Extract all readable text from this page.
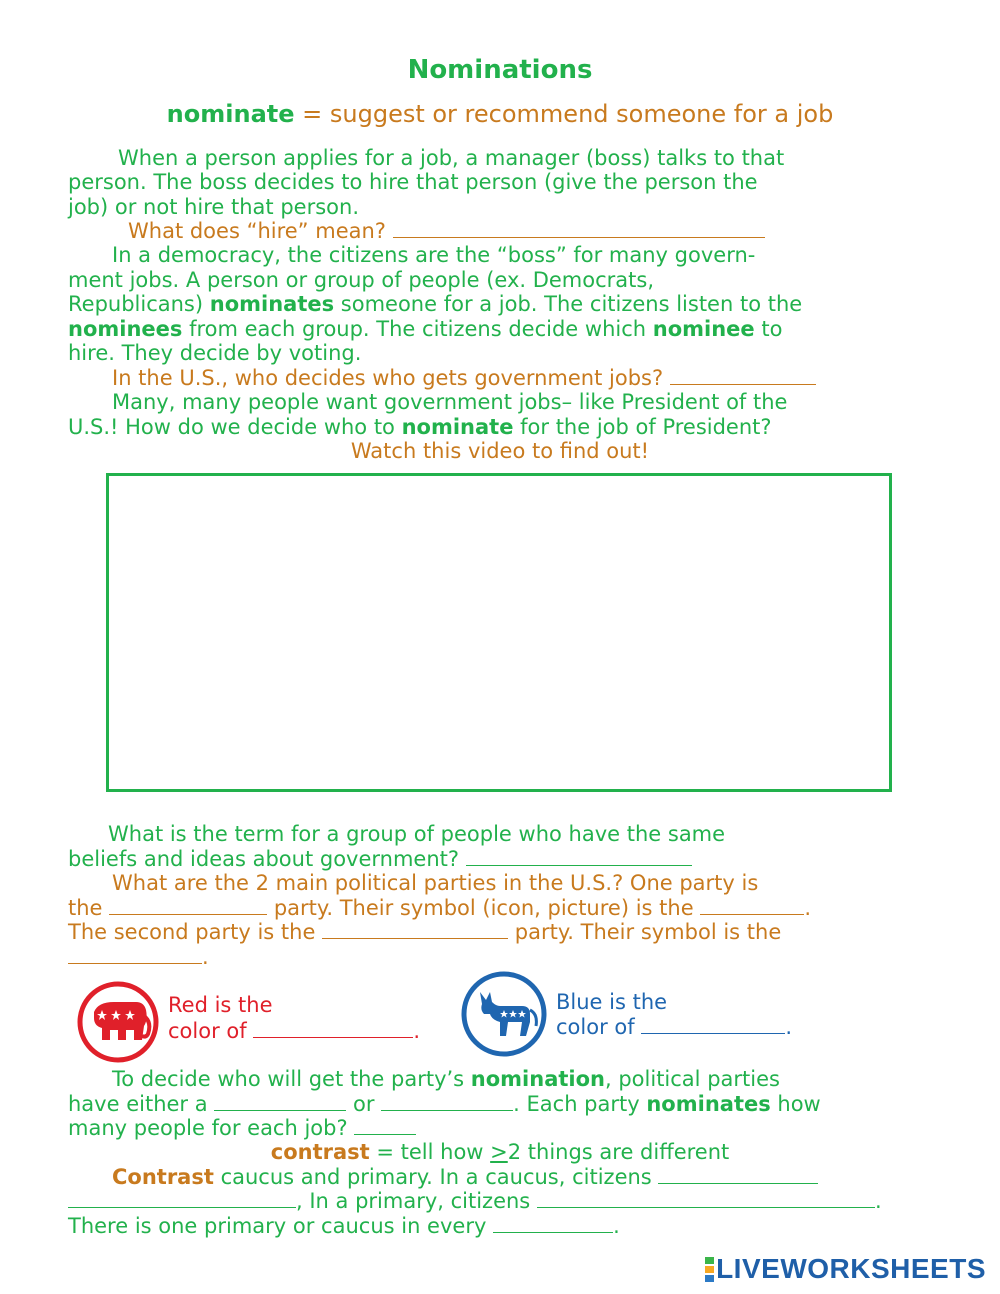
Nominations
nominate = suggest or recommend someone for a job
When a person applies for a job, a manager (boss) talks to that
person. The boss decides to hire that person (give the person the
job) or not hire that person.
What does “hire” mean?
In a democracy, the citizens are the “boss” for many govern-
ment jobs. A person or group of people (ex. Democrats,
Republicans) nominates someone for a job. The citizens listen to the
nominees from each group. The citizens decide which nominee to
hire. They decide by voting.
In the U.S., who decides who gets government jobs?
Many, many people want government jobs– like President of the
U.S.! How do we decide who to nominate for the job of President?
Watch this video to find out!
What is the term for a group of people who have the same
beliefs and ideas about government?
What are the 2 main political parties in the U.S.? One party is
the	party. Their symbol (icon, picture) is the	.
The second party is the	party. Their symbol is the
.
Red is the
color of	.
Blue is the
color of	.
To decide who will get the party’s nomination, political parties
have either a	or	. Each party nominates how
many people for each job?
contrast = tell how >2 things are different
Contrast caucus and primary. In a caucus, citizens
, In a primary, citizens	.
There is one primary or caucus in every	.
LIVEWORKSHEETS
